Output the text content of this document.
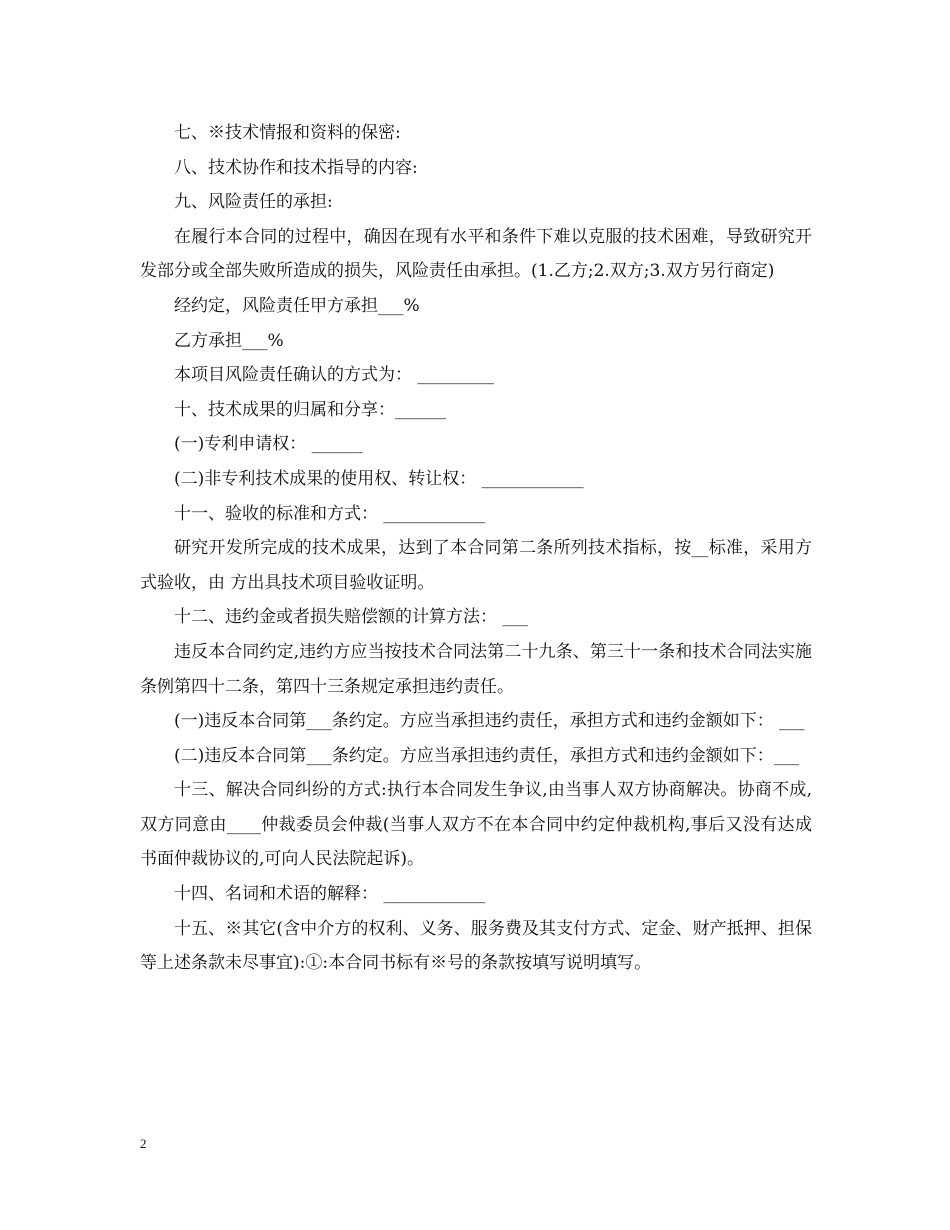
七、※技术情报和资料的保密:

八、技术协作和技术指导的内容:

九、风险责任的承担:

在履行本合同的过程中，确因在现有水平和条件下难以克服的技术困难，导致研究开发部分或全部失败所造成的损失，风险责任由承担。(1.乙方;2.双方;3.双方另行商定)

经约定，风险责任甲方承担___%

乙方承担___%

本项目风险责任确认的方式为： _________

十、技术成果的归属和分享：______

(一)专利申请权： ______

(二)非专利技术成果的使用权、转让权： ____________

十一、验收的标准和方式： ____________

研究开发所完成的技术成果，达到了本合同第二条所列技术指标，按__标准，采用方式验收，由 方出具技术项目验收证明。

十二、违约金或者损失赔偿额的计算方法： ___

违反本合同约定,违约方应当按技术合同法第二十九条、第三十一条和技术合同法实施条例第四十二条，第四十三条规定承担违约责任。

(一)违反本合同第___条约定。方应当承担违约责任，承担方式和违约金额如下： ___

(二)违反本合同第___条约定。方应当承担违约责任，承担方式和违约金额如下：___

十三、解决合同纠纷的方式:执行本合同发生争议,由当事人双方协商解决。协商不成,双方同意由____仲裁委员会仲裁(当事人双方不在本合同中约定仲裁机构,事后又没有达成书面仲裁协议的,可向人民法院起诉)。

十四、名词和术语的解释： ____________

十五、※其它(含中介方的权利、义务、服务费及其支付方式、定金、财产抵押、担保等上述条款未尽事宜):①:本合同书标有※号的条款按填写说明填写。

2
